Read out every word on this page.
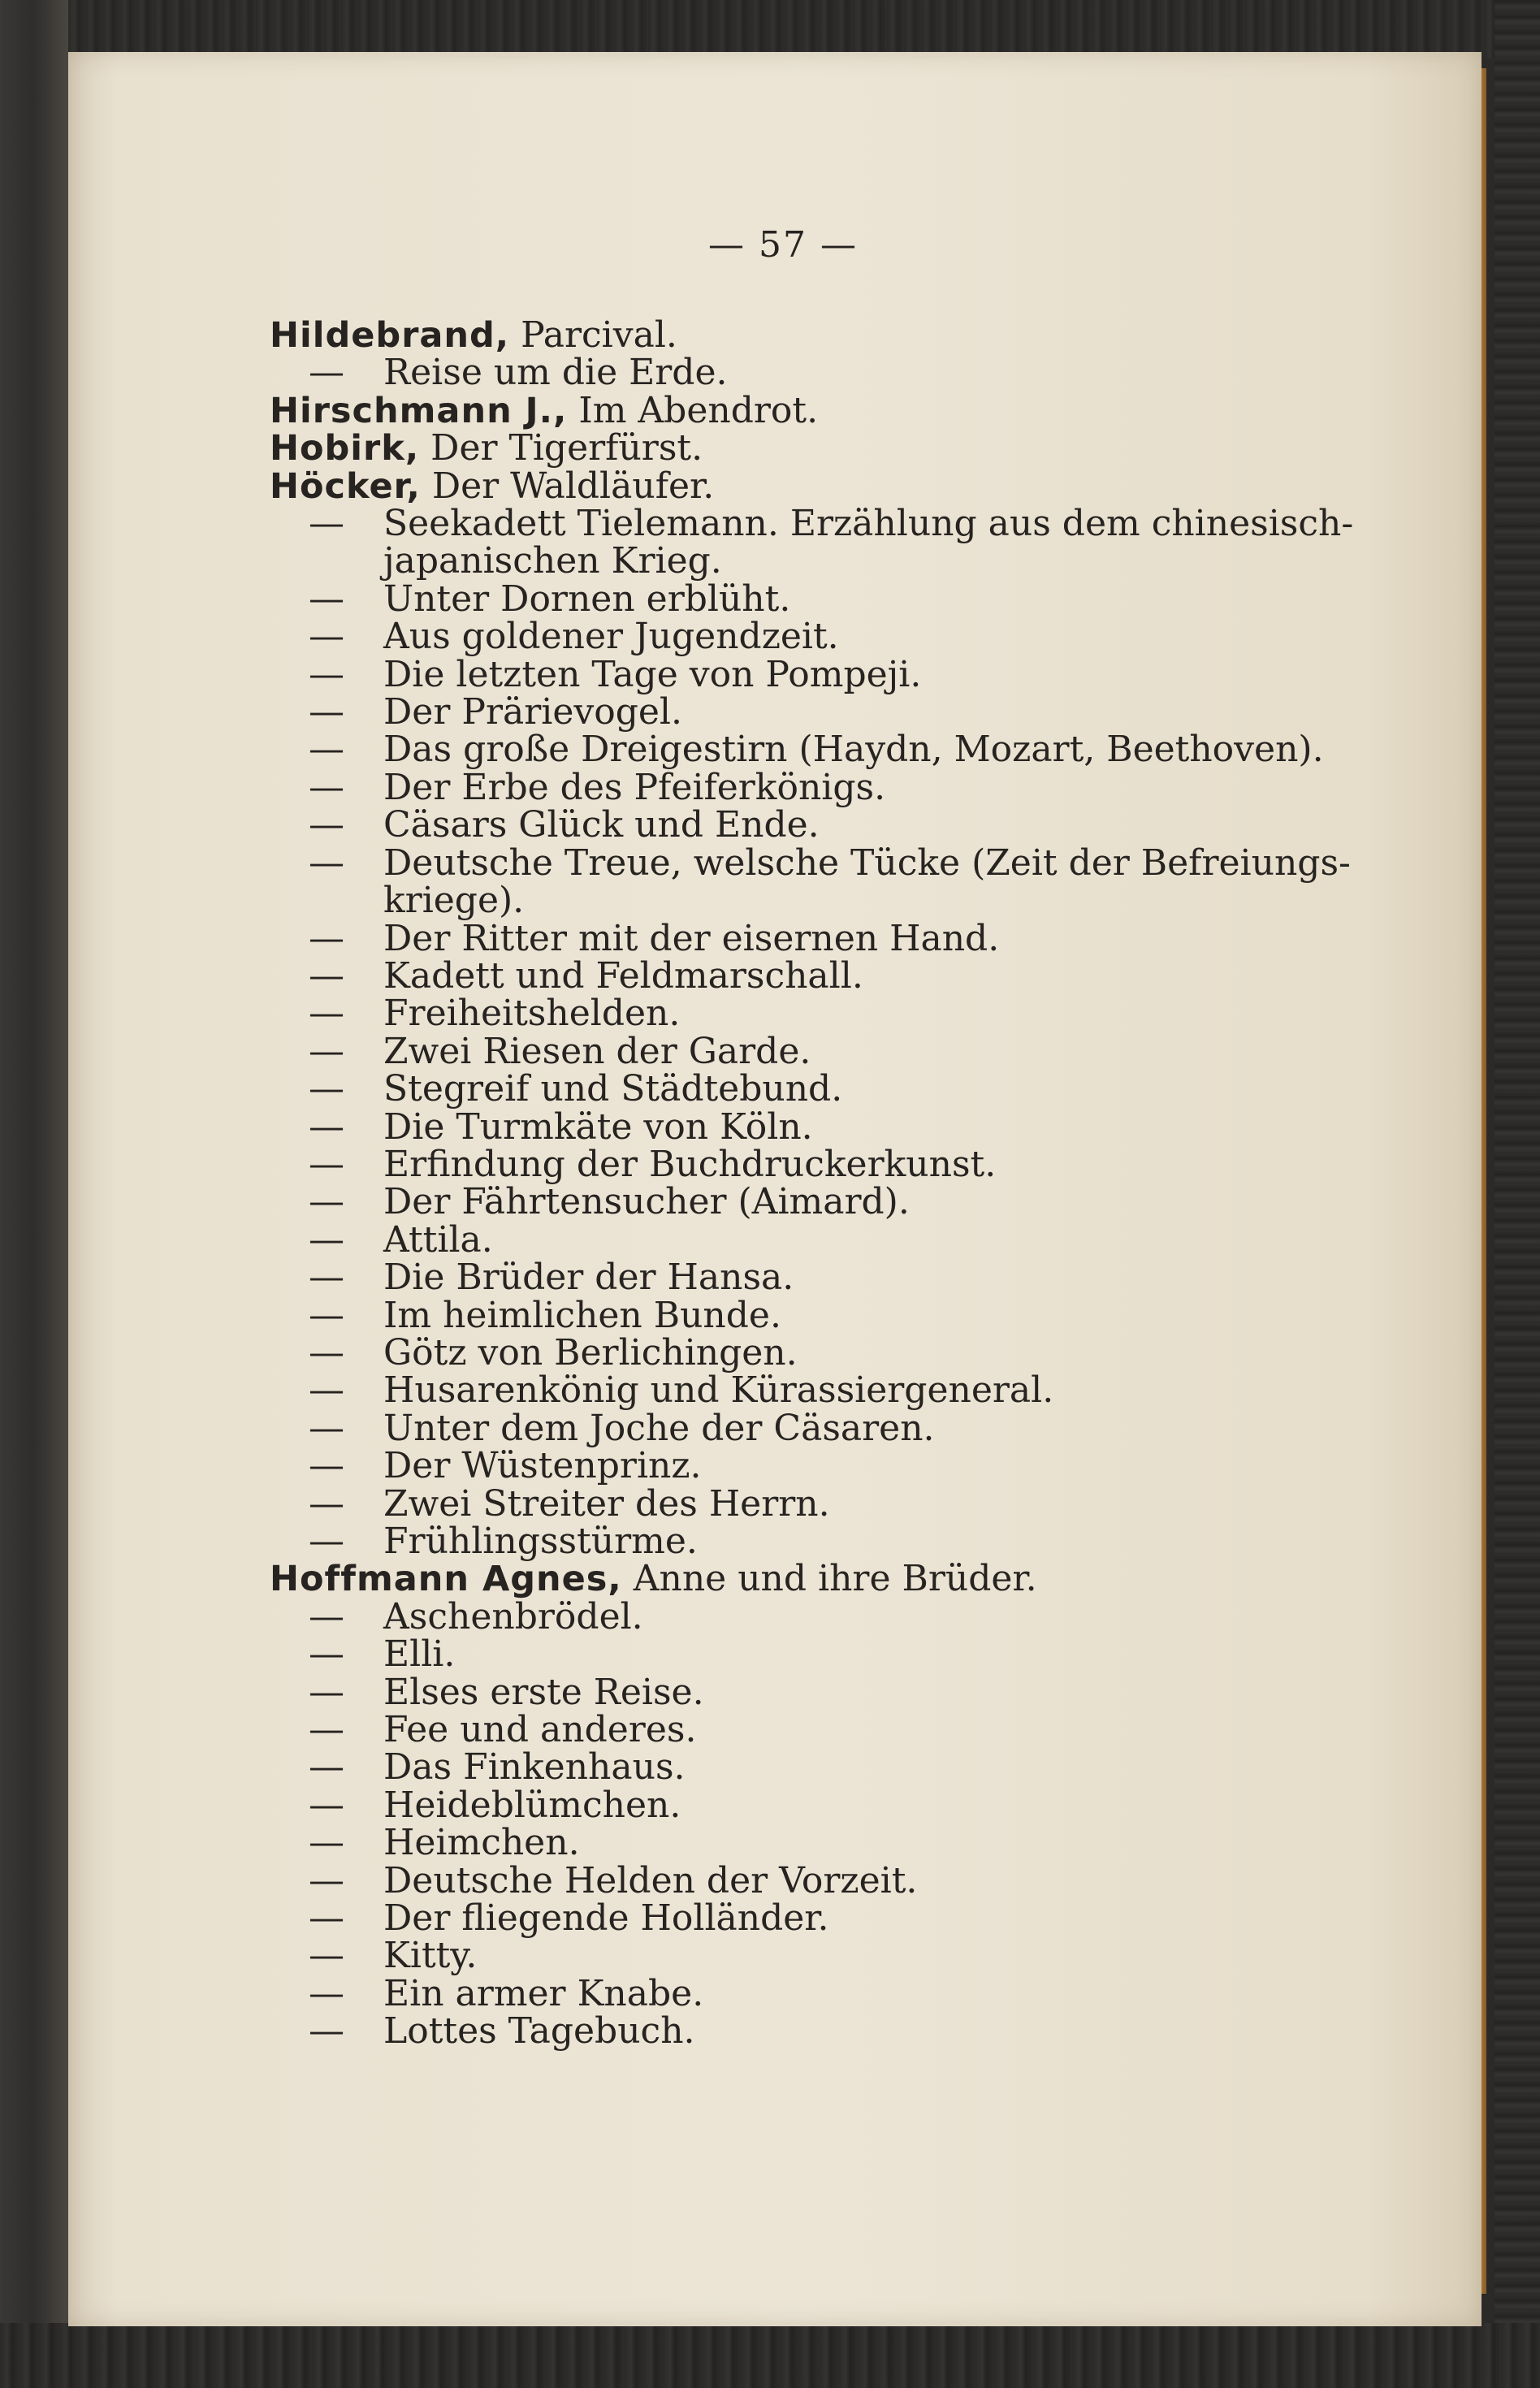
— 57 —
Hildebrand, Parcival.
— Reise um die Erde.
Hirschmann J., Im Abendrot.
Hobirk, Der Tigerfürst.
Höcker, Der Waldläufer.
— Seekadett Tielemann. Erzählung aus dem chinesisch-
japanischen Krieg.
— Unter Dornen erblüht.
— Aus goldener Jugendzeit.
— Die letzten Tage von Pompeji.
— Der Prärievogel.
— Das große Dreigestirn (Haydn, Mozart, Beethoven).
— Der Erbe des Pfeiferkönigs.
— Cäsars Glück und Ende.
— Deutsche Treue, welsche Tücke (Zeit der Befreiungs-
kriege).
— Der Ritter mit der eisernen Hand.
— Kadett und Feldmarschall.
— Freiheitshelden.
— Zwei Riesen der Garde.
— Stegreif und Städtebund.
— Die Turmkäte von Köln.
— Erfindung der Buchdruckerkunst.
— Der Fährtensucher (Aimard).
— Attila.
— Die Brüder der Hansa.
— Im heimlichen Bunde.
— Götz von Berlichingen.
— Husarenkönig und Kürassiergeneral.
— Unter dem Joche der Cäsaren.
— Der Wüstenprinz.
— Zwei Streiter des Herrn.
— Frühlingsstürme.
Hoffmann Agnes, Anne und ihre Brüder.
— Aschenbrödel.
— Elli.
— Elses erste Reise.
— Fee und anderes.
— Das Finkenhaus.
— Heideblümchen.
— Heimchen.
— Deutsche Helden der Vorzeit.
— Der fliegende Holländer.
— Kitty.
— Ein armer Knabe.
— Lottes Tagebuch.
